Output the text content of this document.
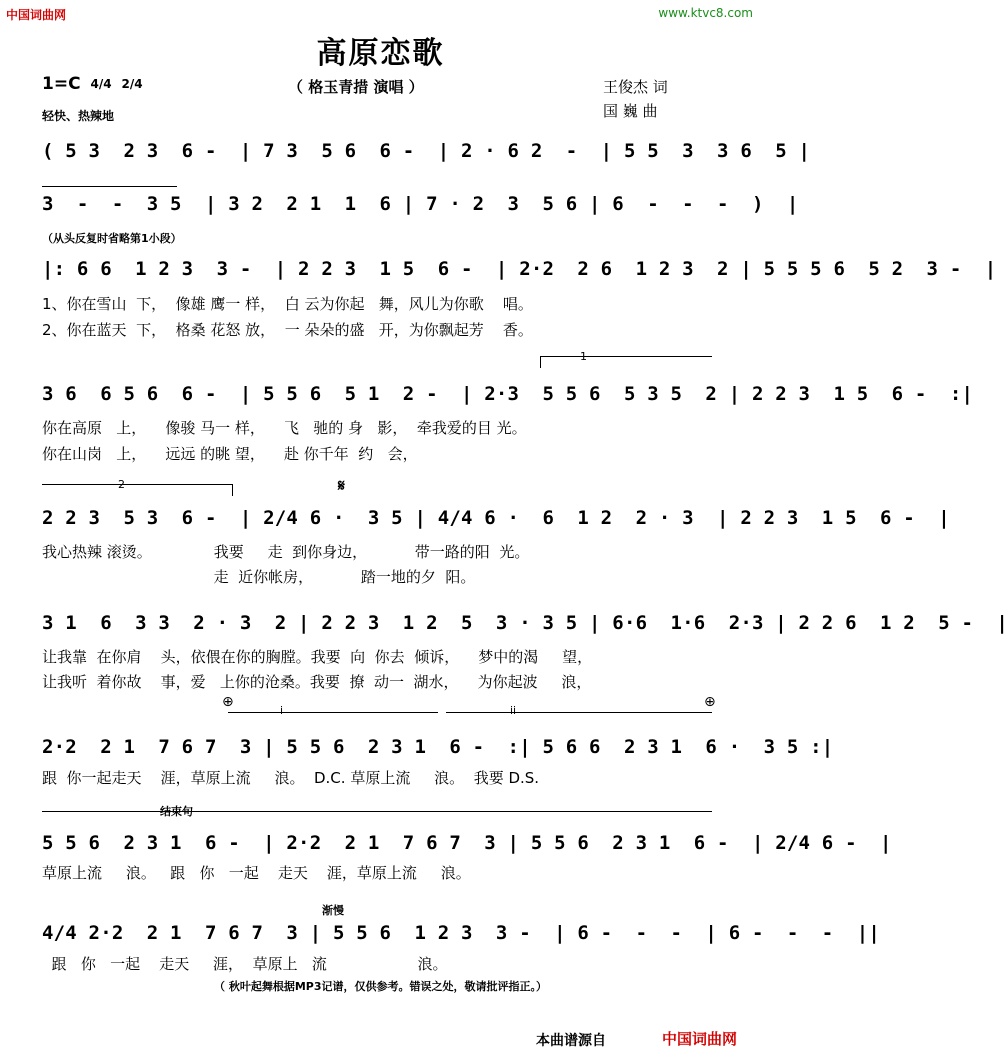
中国词曲网	www.ktvc8.com
高原恋歌
1=C 4/4 2/4	（ 格玉青措 演唱 ）
轻快、热辣地
王俊杰 词
国 巍 曲
( 5 3  2 3  6 -  | 7 3  5 6  6 -  | 2 · 6 2  -  | 5 5  3  3 6  5 |
3  -  -  3 5  | 3 2  2 1  1  6 | 7 · 2  3  5 6 | 6  -  -  -  )  |
（从头反复时省略第1小段）
|: 6 6  1 2 3  3 -  | 2 2 3  1 5  6 -  | 2·2  2 6  1 2 3  2 | 5 5 5 6  5 2  3 -  |
1、你在雪山  下，  像雄 鹰一 样，  白 云为你起   舞，风儿为你歌    唱。
2、你在蓝天  下，  格桑 花怒 放，  一 朵朵的盛   开，为你飘起芳    香。
1
3 6  6 5 6  6 -  | 5 5 6  5 1  2 -  | 2·3  5 5 6  5 3 5  2 | 2 2 3  1 5  6 -  :|
你在高原   上，    像骏 马一 样，    飞   驰的 身   影，  牵我爱的目 光。
你在山岗   上，    远远 的眺 望，    赴 你千年  约   会，
2	𝄋
2 2 3  5 3  6 -  | 2/4 6 ·  3 5 | 4/4 6 ·  6  1 2  2 · 3  | 2 2 3  1 5  6 -  |
我心热辣 滚烫。             我要     走  到你身边，          带一路的阳  光。
走  近你帐房，          踏一地的夕  阳。
3 1  6  3 3  2 · 3  2 | 2 2 3  1 2  5  3 · 3 5 | 6·6  1·6  2·3 | 2 2 6  1 2  5 -  |
让我靠  在你肩    头，依偎在你的胸膛。我要  向  你去  倾诉，    梦中的渴     望，
让我听  着你故    事，爱   上你的沧桑。我要  撩  动一  湖水，    为你起波     浪，
⊕
i	ii
⊕
2·2  2 1  7 6 7  3 | 5 5 6  2 3 1  6 -  :| 5 6 6  2 3 1  6 ·  3 5 :|
跟  你一起走天    涯，草原上流     浪。  D.C. 草原上流     浪。  我要 D.S.
结束句
5 5 6  2 3 1  6 -  | 2·2  2 1  7 6 7  3 | 5 5 6  2 3 1  6 -  | 2/4 6 -  |
草原上流     浪。   跟   你   一起    走天    涯，草原上流     浪。
渐慢
4/4 2·2  2 1  7 6 7  3 | 5 5 6  1 2 3  3 -  | 6 -  -  -  | 6 -  -  -  ||
跟   你   一起    走天     涯，  草原上   流                   浪。
（ 秋叶起舞根据MP3记谱，仅供参考。错误之处，敬请批评指正。）
本曲谱源自	中国词曲网
